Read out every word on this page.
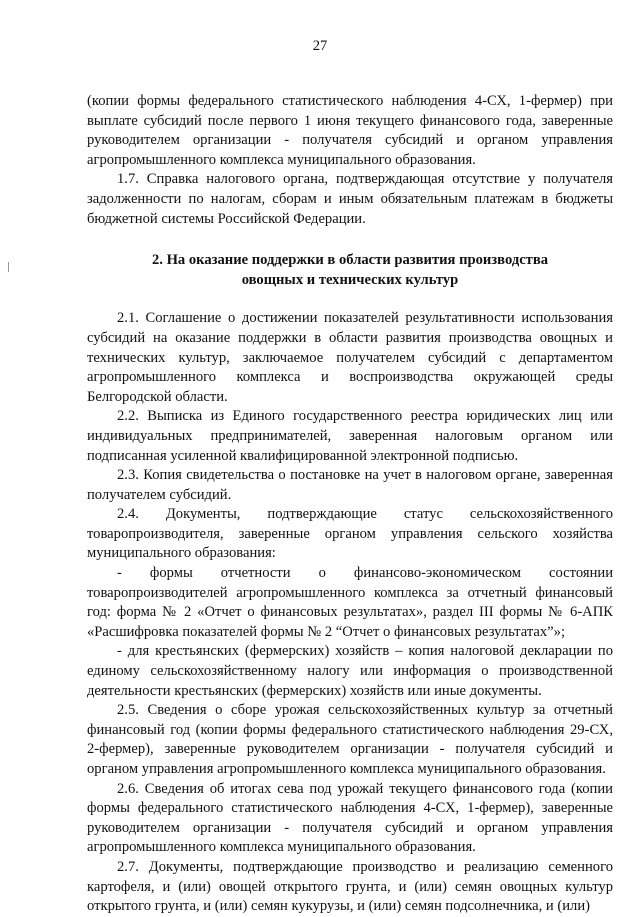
27

(копии формы федерального статистического наблюдения 4-СХ, 1-фермер) при выплате субсидий после первого 1 июня текущего финансового года, заверенные руководителем организации - получателя субсидий и органом управления агропромышленного комплекса муниципального образования.

1.7. Справка налогового органа, подтверждающая отсутствие у получателя задолженности по налогам, сборам и иным обязательным платежам в бюджеты бюджетной системы Российской Федерации.

2. На оказание поддержки в области развития производства
овощных и технических культур

2.1. Соглашение о достижении показателей результативности использования субсидий на оказание поддержки в области развития производства овощных и технических культур, заключаемое получателем субсидий с департаментом агропромышленного комплекса и воспроизводства окружающей среды Белгородской области.

2.2. Выписка из Единого государственного реестра юридических лиц или индивидуальных предпринимателей, заверенная налоговым органом или подписанная усиленной квалифицированной электронной подписью.

2.3. Копия свидетельства о постановке на учет в налоговом органе, заверенная получателем субсидий.

2.4. Документы, подтверждающие статус сельскохозяйственного товаропроизводителя, заверенные органом управления сельского хозяйства муниципального образования:

- формы отчетности о финансово-экономическом состоянии товаропроизводителей агропромышленного комплекса за отчетный финансовый год: форма № 2 «Отчет о финансовых результатах», раздел III формы № 6-АПК «Расшифровка показателей формы № 2 “Отчет о финансовых результатах”»;

- для крестьянских (фермерских) хозяйств – копия налоговой декларации по единому сельскохозяйственному налогу или информация о производственной деятельности крестьянских (фермерских) хозяйств или иные документы.

2.5. Сведения о сборе урожая сельскохозяйственных культур за отчетный финансовый год (копии формы федерального статистического наблюдения 29-СХ, 2-фермер), заверенные руководителем организации - получателя субсидий и органом управления агропромышленного комплекса муниципального образования.

2.6. Сведения об итогах сева под урожай текущего финансового года (копии формы федерального статистического наблюдения 4-СХ, 1-фермер), заверенные руководителем организации - получателя субсидий и органом управления агропромышленного комплекса муниципального образования.

2.7. Документы, подтверждающие производство и реализацию семенного картофеля, и (или) овощей открытого грунта, и (или) семян овощных культур открытого грунта, и (или) семян кукурузы, и (или) семян подсолнечника, и (или)
